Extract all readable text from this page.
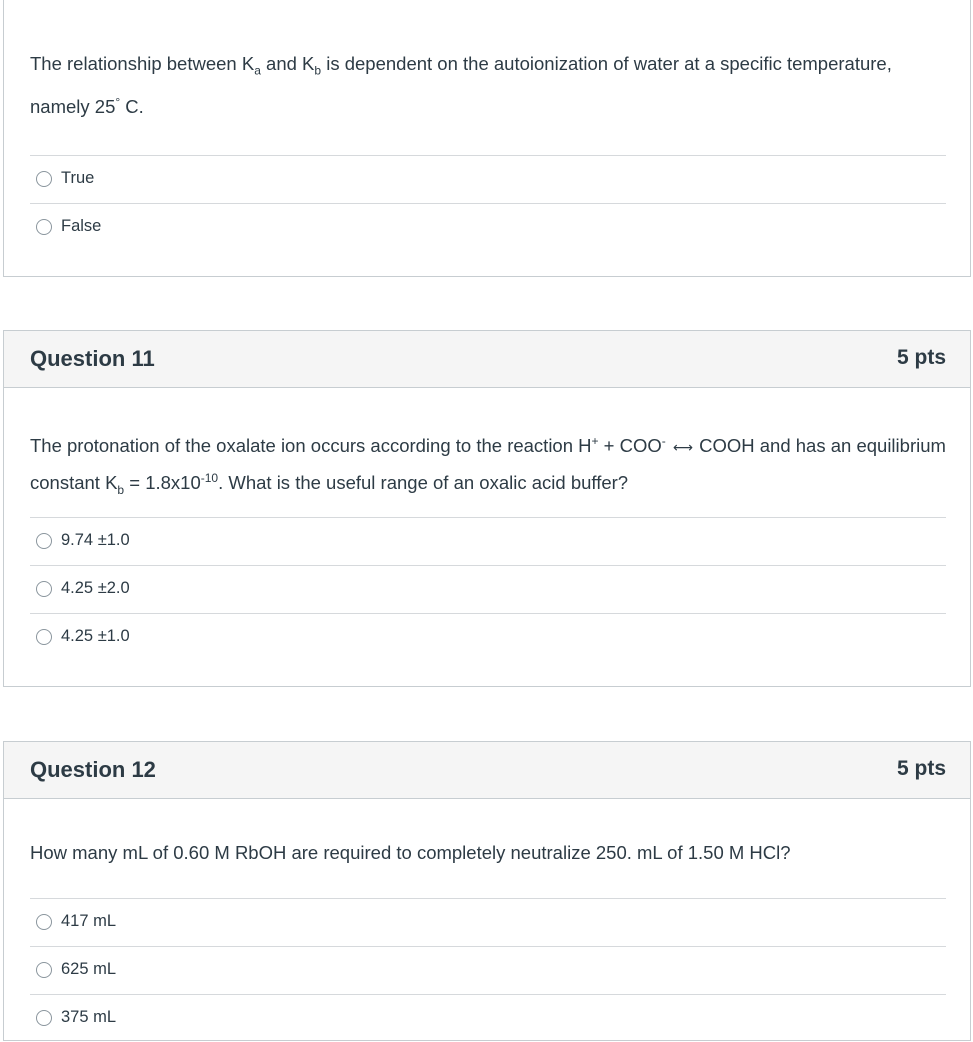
The relationship between $K_a$ and $K_b$ is dependent on the autoionization of water at a specific temperature, namely 25° C.
True
False
Question 11	5 pts
The protonation of the oxalate ion occurs according to the reaction H+ + COO- ⟷ COOH and has an equilibrium constant $K_b = 1.8x10^{-10}$. What is the useful range of an oxalic acid buffer?
9.74 ±1.0
4.25 ±2.0
4.25 ±1.0
Question 12	5 pts
How many mL of 0.60 M RbOH are required to completely neutralize 250. mL of 1.50 M HCl?
417 mL
625 mL
375 mL
